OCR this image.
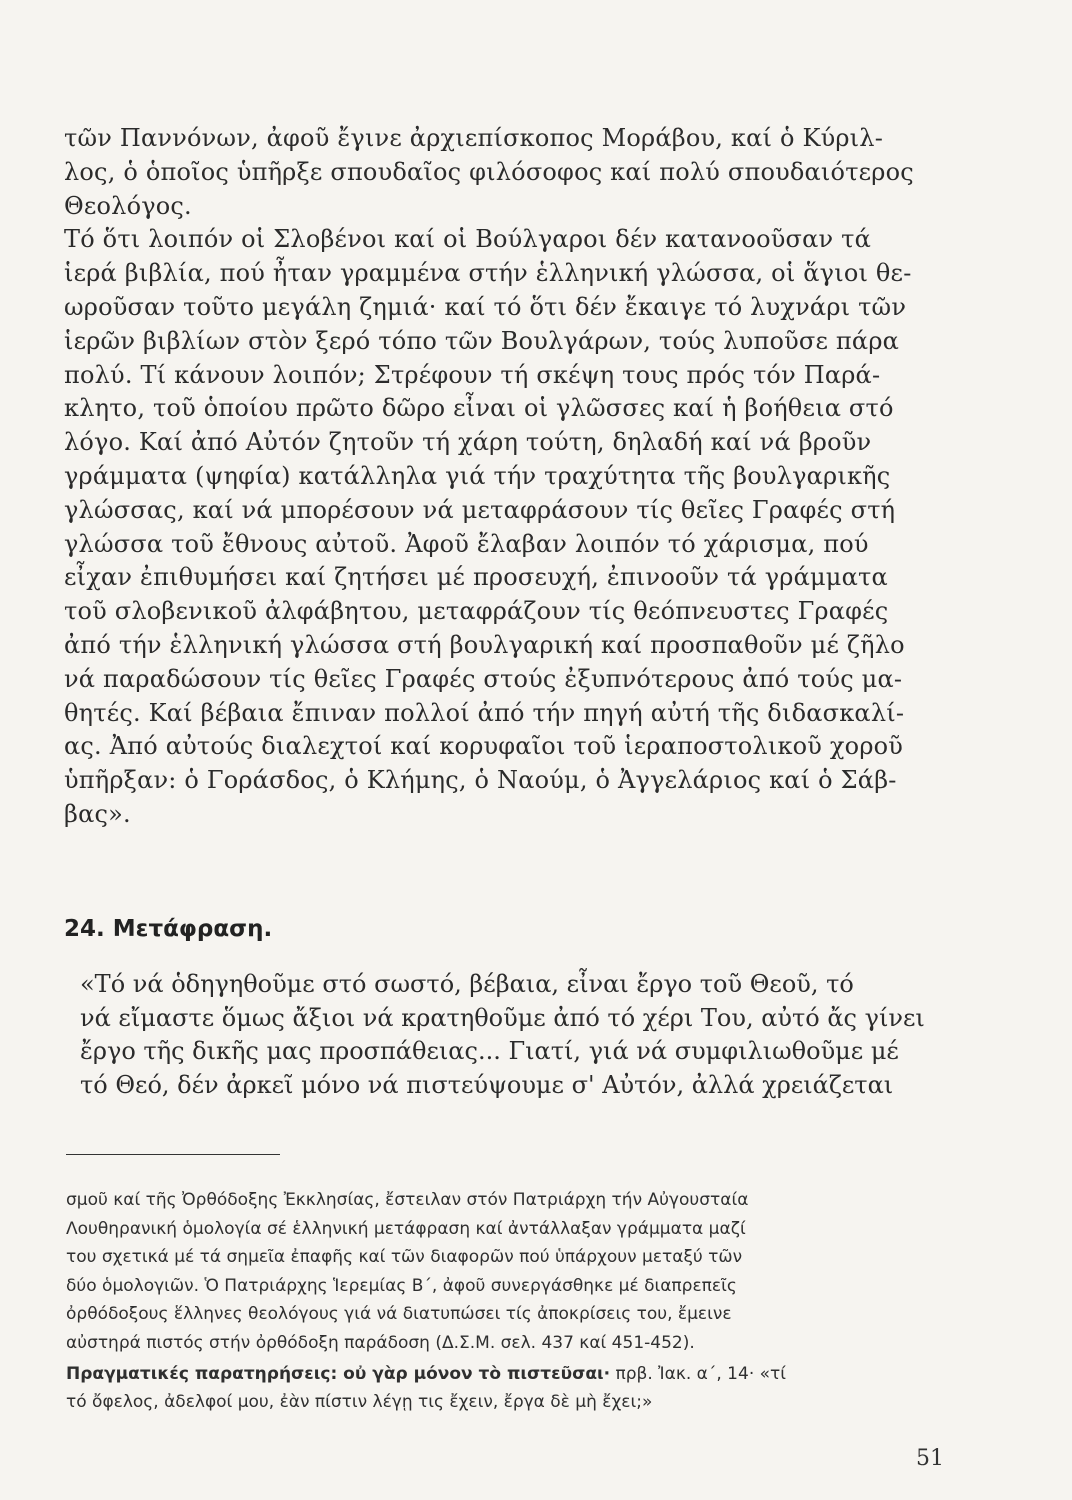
τῶν Παννόνων, ἀφοῦ ἔγινε ἀρχιεπίσκοπος Μοράβου, καί ὁ Κύριλ-
λος, ὁ ὁποῖος ὑπῆρξε σπουδαῖος φιλόσοφος καί πολύ σπουδαιότερος
Θεολόγος.

Τό ὅτι λοιπόν οἱ Σλοβένοι καί οἱ Βούλγαροι δέν κατανοοῦσαν τά
ἱερά βιβλία, πού ἦταν γραμμένα στήν ἑλληνική γλώσσα, οἱ ἅγιοι θε-
ωροῦσαν τοῦτο μεγάλη ζημιά· καί τό ὅτι δέν ἔκαιγε τό λυχνάρι τῶν
ἱερῶν βιβλίων στὸν ξερό τόπο τῶν Βουλγάρων, τούς λυποῦσε πάρα
πολύ. Τί κάνουν λοιπόν; Στρέφουν τή σκέψη τους πρός τόν Παρά-
κλητο, τοῦ ὁποίου πρῶτο δῶρο εἶναι οἱ γλῶσσες καί ἡ βοήθεια στό
λόγο. Καί ἀπό Αὐτόν ζητοῦν τή χάρη τούτη, δηλαδή καί νά βροῦν
γράμματα (ψηφία) κατάλληλα γιά τήν τραχύτητα τῆς βουλγαρικῆς
γλώσσας, καί νά μπορέσουν νά μεταφράσουν τίς θεῖες Γραφές στή
γλώσσα τοῦ ἔθνους αὐτοῦ. Ἀφοῦ ἔλαβαν λοιπόν τό χάρισμα, πού
εἶχαν ἐπιθυμήσει καί ζητήσει μέ προσευχή, ἐπινοοῦν τά γράμματα
τοῦ σλοβενικοῦ ἀλφάβητου, μεταφράζουν τίς θεόπνευστες Γραφές
ἀπό τήν ἑλληνική γλώσσα στή βουλγαρική καί προσπαθοῦν μέ ζῆλο
νά παραδώσουν τίς θεῖες Γραφές στούς ἐξυπνότερους ἀπό τούς μα-
θητές. Καί βέβαια ἔπιναν πολλοί ἀπό τήν πηγή αὐτή τῆς διδασκαλί-
ας. Ἀπό αὐτούς διαλεχτοί καί κορυφαῖοι τοῦ ἱεραποστολικοῦ χοροῦ
ὑπῆρξαν: ὁ Γοράσδος, ὁ Κλήμης, ὁ Ναούμ, ὁ Ἀγγελάριος καί ὁ Σάβ-
βας».

24. Μετάφραση.
«Τό νά ὁδηγηθοῦμε στό σωστό, βέβαια, εἶναι ἔργο τοῦ Θεοῦ, τό
νά εἴμαστε ὅμως ἄξιοι νά κρατηθοῦμε ἀπό τό χέρι Του, αὐτό ἄς γίνει
ἔργο τῆς δικῆς μας προσπάθειας... Γιατί, γιά νά συμφιλιωθοῦμε μέ
τό Θεό, δέν ἀρκεῖ μόνο νά πιστεύψουμε σ' Αὐτόν, ἀλλά χρειάζεται

σμοῦ καί τῆς Ὀρθόδοξης Ἐκκλησίας, ἔστειλαν στόν Πατριάρχη τήν Αὐγουσταία
Λουθηρανική ὁμολογία σέ ἑλληνική μετάφραση καί ἀντάλλαξαν γράμματα μαζί
του σχετικά μέ τά σημεῖα ἐπαφῆς καί τῶν διαφορῶν πού ὑπάρχουν μεταξύ τῶν
δύο ὁμολογιῶν. Ὁ Πατριάρχης Ἱερεμίας Β΄, ἀφοῦ συνεργάσθηκε μέ διαπρεπεῖς
ὀρθόδοξους ἕλληνες θεολόγους γιά νά διατυπώσει τίς ἀποκρίσεις του, ἔμεινε
αὐστηρά πιστός στήν ὀρθόδοξη παράδοση (Δ.Σ.Μ. σελ. 437 καί 451-452).

Πραγματικές παρατηρήσεις: οὐ γὰρ μόνον τὸ πιστεῦσαι· πρβ. Ἰακ. α΄, 14· «τί
τό ὄφελος, ἀδελφοί μου, ἐὰν πίστιν λέγῃ τις ἔχειν, ἔργα δὲ μὴ ἔχει;»

51
